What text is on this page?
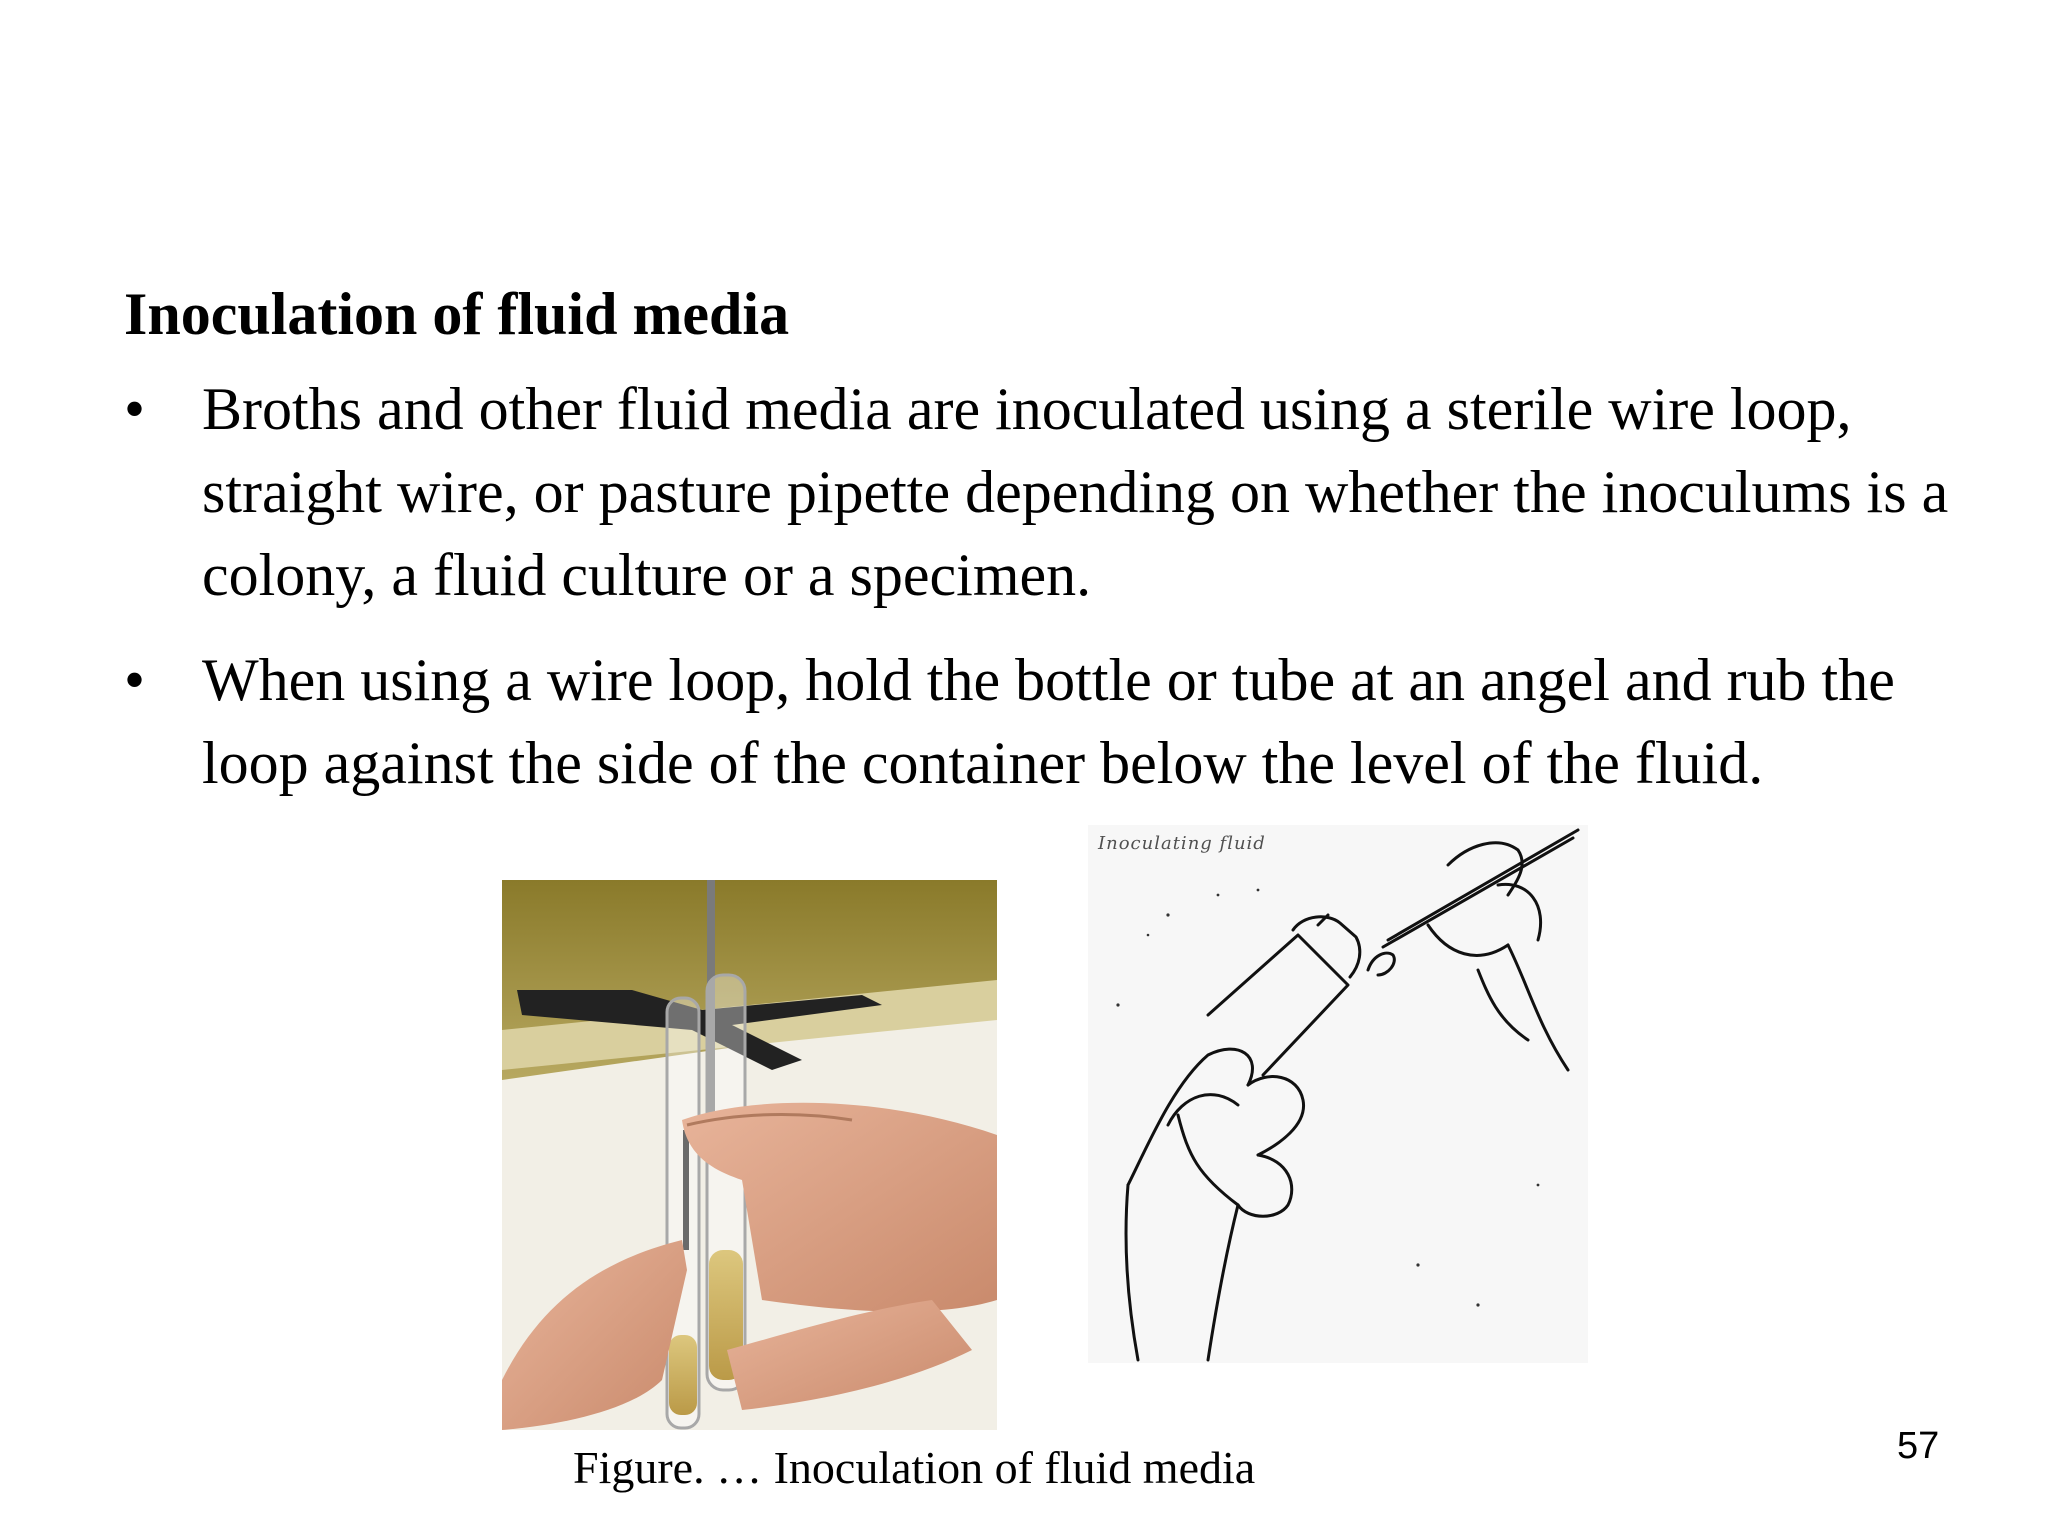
Inoculation of fluid media
• Broths and other fluid media are inoculated using a sterile wire loop, straight wire, or pasture pipette depending on whether the inoculums is a colony, a fluid culture or a specimen.
• When using a wire loop, hold the bottle or tube at an angel and rub the loop against the side of the container below the level of the fluid.
Inoculating fluid
Figure. … Inoculation of fluid media	57
